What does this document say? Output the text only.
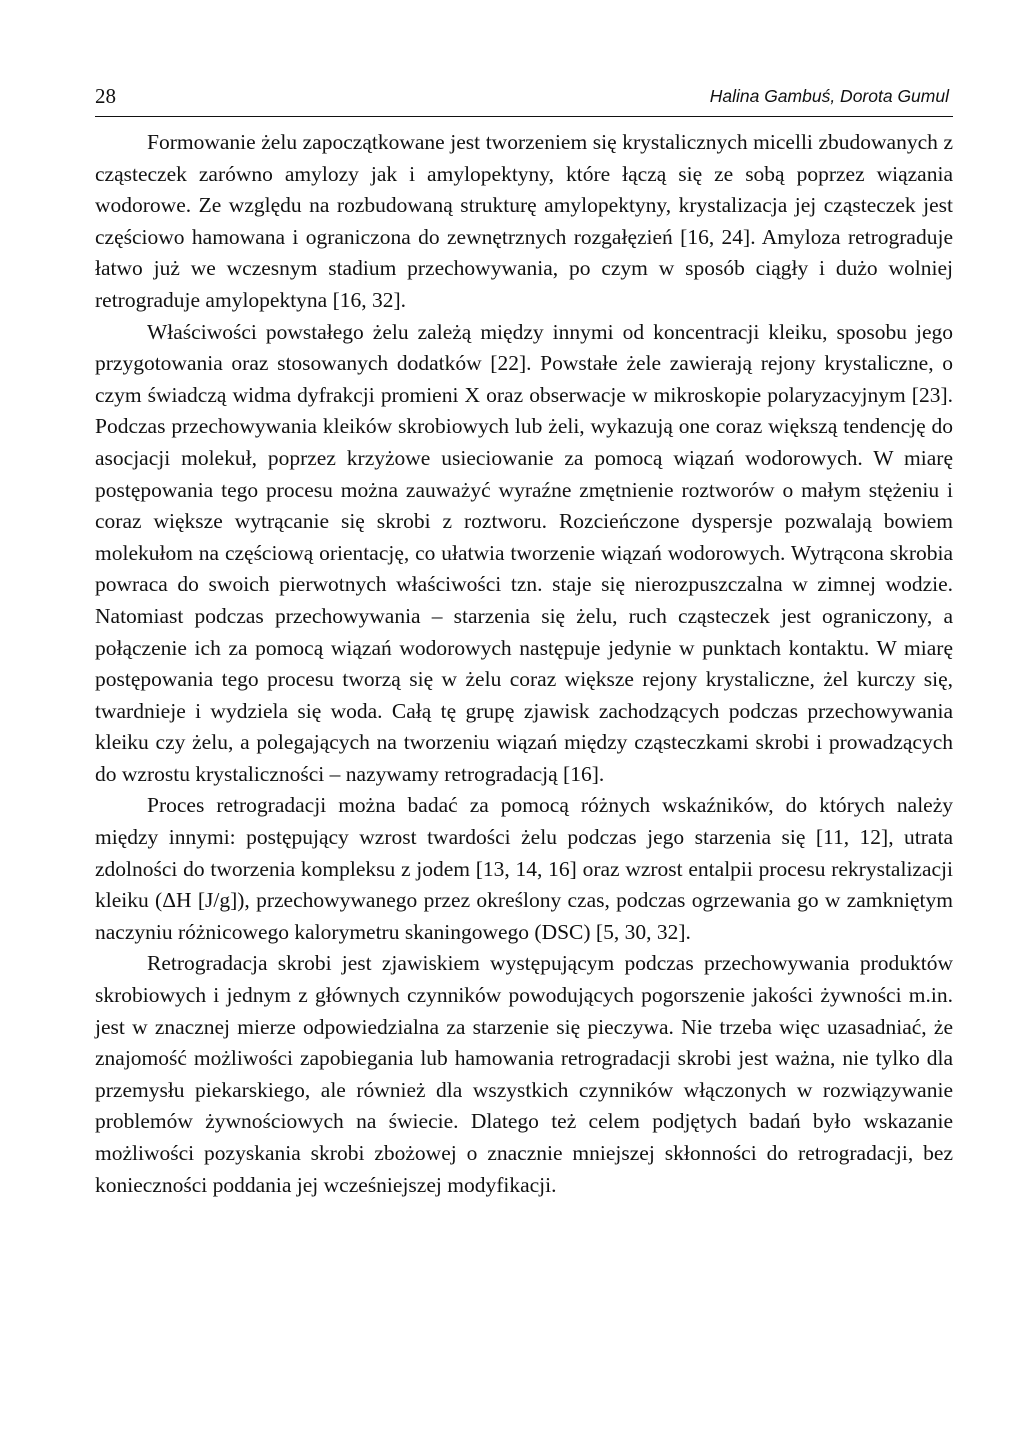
28	Halina Gambuś, Dorota Gumul

Formowanie żelu zapoczątkowane jest tworzeniem się krystalicznych micelli zbudowanych z cząsteczek zarówno amylozy jak i amylopektyny, które łączą się ze sobą poprzez wiązania wodorowe. Ze względu na rozbudowaną strukturę amylopektyny, krystalizacja jej cząsteczek jest częściowo hamowana i ograniczona do zewnętrznych rozgałęzień [16, 24]. Amyloza retrograduje łatwo już we wczesnym stadium przechowywania, po czym w sposób ciągły i dużo wolniej retrograduje amylopektyna [16, 32].

Właściwości powstałego żelu zależą między innymi od koncentracji kleiku, sposobu jego przygotowania oraz stosowanych dodatków [22]. Powstałe żele zawierają rejony krystaliczne, o czym świadczą widma dyfrakcji promieni X oraz obserwacje w mikroskopie polaryzacyjnym [23]. Podczas przechowywania kleików skrobiowych lub żeli, wykazują one coraz większą tendencję do asocjacji molekuł, poprzez krzyżowe usieciowanie za pomocą wiązań wodorowych. W miarę postępowania tego procesu można zauważyć wyraźne zmętnienie roztworów o małym stężeniu i coraz większe wytrącanie się skrobi z roztworu. Rozcieńczone dyspersje pozwalają bowiem molekułom na częściową orientację, co ułatwia tworzenie wiązań wodorowych. Wytrącona skrobia powraca do swoich pierwotnych właściwości tzn. staje się nierozpuszczalna w zimnej wodzie. Natomiast podczas przechowywania – starzenia się żelu, ruch cząsteczek jest ograniczony, a połączenie ich za pomocą wiązań wodorowych następuje jedynie w punktach kontaktu. W miarę postępowania tego procesu tworzą się w żelu coraz większe rejony krystaliczne, żel kurczy się, twardnieje i wydziela się woda. Całą tę grupę zjawisk zachodzących podczas przechowywania kleiku czy żelu, a polegających na tworzeniu wiązań między cząsteczkami skrobi i prowadzących do wzrostu krystaliczności – nazywamy retrogradacją [16].

Proces retrogradacji można badać za pomocą różnych wskaźników, do których należy między innymi: postępujący wzrost twardości żelu podczas jego starzenia się [11, 12], utrata zdolności do tworzenia kompleksu z jodem [13, 14, 16] oraz wzrost entalpii procesu rekrystalizacji kleiku (ΔH [J/g]), przechowywanego przez określony czas, podczas ogrzewania go w zamkniętym naczyniu różnicowego kalorymetru skaningowego (DSC) [5, 30, 32].

Retrogradacja skrobi jest zjawiskiem występującym podczas przechowywania produktów skrobiowych i jednym z głównych czynników powodujących pogorszenie jakości żywności m.in. jest w znacznej mierze odpowiedzialna za starzenie się pieczywa. Nie trzeba więc uzasadniać, że znajomość możliwości zapobiegania lub hamowania retrogradacji skrobi jest ważna, nie tylko dla przemysłu piekarskiego, ale również dla wszystkich czynników włączonych w rozwiązywanie problemów żywnościowych na świecie. Dlatego też celem podjętych badań było wskazanie możliwości pozyskania skrobi zbożowej o znacznie mniejszej skłonności do retrogradacji, bez konieczności poddania jej wcześniejszej modyfikacji.
